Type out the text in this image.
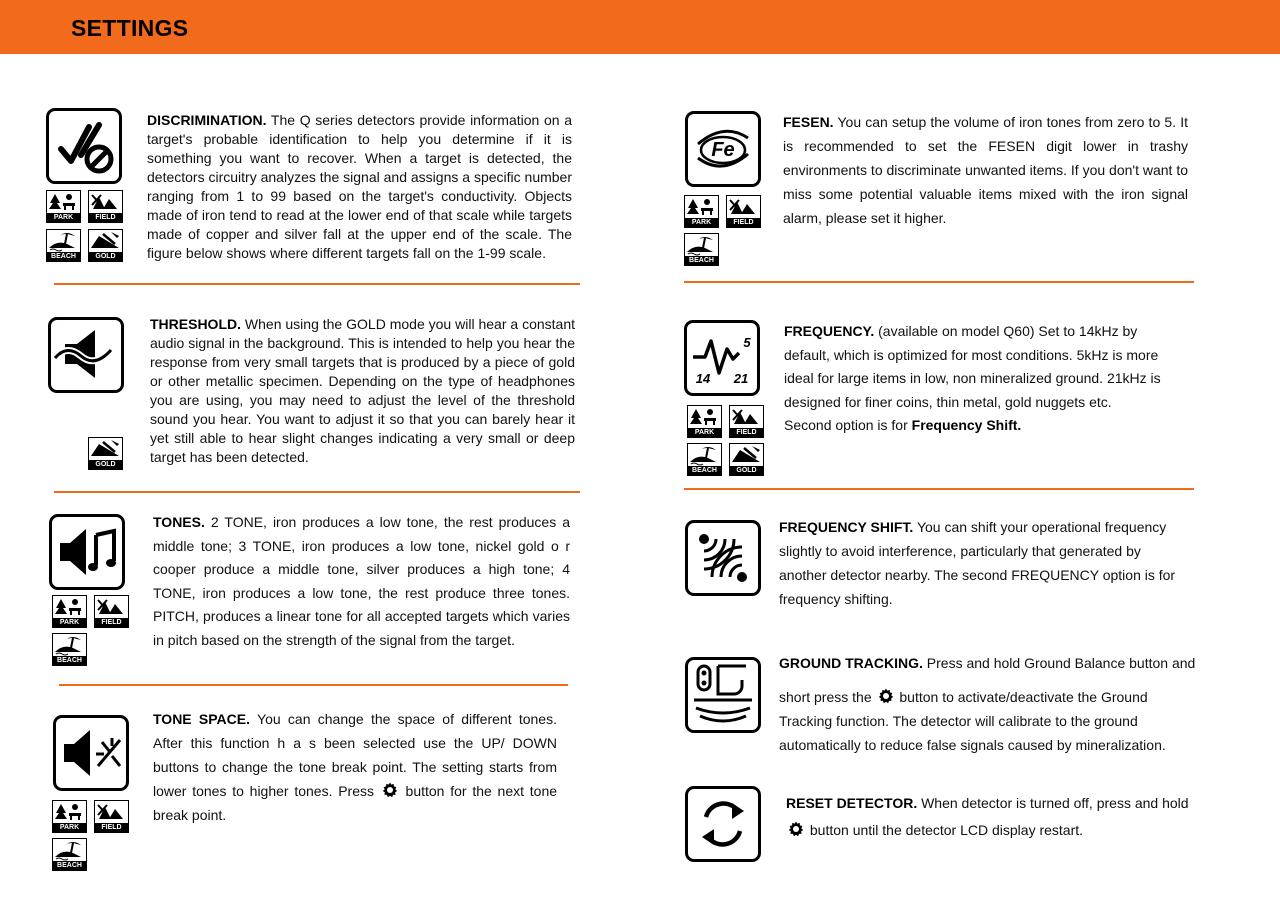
SETTINGS
PARK	FIELD
BEACH	GOLD
DISCRIMINATION. The Q series detectors provide information on a target's probable identification to help you determine if it is something you want to recover. When a target is detected, the detectors circuitry analyzes the signal and assigns a specific number ranging from 1 to 99 based on the target's conductivity. Objects made of iron tend to read at the lower end of that scale while targets made of copper and silver fall at the upper end of the scale. The figure below shows where different targets fall on the 1-99 scale.
GOLD
THRESHOLD. When using the GOLD mode you will hear a constant audio signal in the background. This is intended to help you hear the response from very small targets that is produced by a piece of gold or other metallic specimen. Depending on the type of headphones you are using, you may need to adjust the level of the threshold sound you hear. You want to adjust it so that you can barely hear it yet still able to hear slight changes indicating a very small or deep target has been detected.
PARK	FIELD
BEACH
TONES. 2 TONE, iron produces a low tone, the rest produces a middle tone; 3 TONE, iron produces a low tone, nickel gold o r cooper produce a middle tone, silver produces a high tone; 4 TONE, iron produces a low tone, the rest produce three tones. PITCH, produces a linear tone for all accepted targets which varies in pitch based on the strength of the signal from the target.
PARK	FIELD
BEACH
TONE SPACE. You can change the space of different tones. After this function h a s been selected use the UP/ DOWN buttons to change the tone break point. The setting starts from lower tones to higher tones. Press button for the next tone break point.
Fe
PARK	FIELD
BEACH
FESEN. You can setup the volume of iron tones from zero to 5. It is recommended to set the FESEN digit lower in trashy environments to discriminate unwanted items. If you don't want to miss some potential valuable items mixed with the iron signal alarm, please set it higher.
5
14 21
PARK	FIELD
BEACH	GOLD
FREQUENCY. (available on model Q60) Set to 14kHz by default, which is optimized for most conditions. 5kHz is more ideal for large items in low, non mineralized ground. 21kHz is designed for finer coins, thin metal, gold nuggets etc.
Second option is for Frequency Shift.
FREQUENCY SHIFT. You can shift your operational frequency slightly to avoid interference, particularly that generated by another detector nearby. The second FREQUENCY option is for frequency shifting.
GROUND TRACKING. Press and hold Ground Balance button and
short press the button to activate/deactivate the Ground Tracking function. The detector will calibrate to the ground automatically to reduce false signals caused by mineralization.
RESET DETECTOR. When detector is turned off, press and hold

button until the detector LCD display restart.
